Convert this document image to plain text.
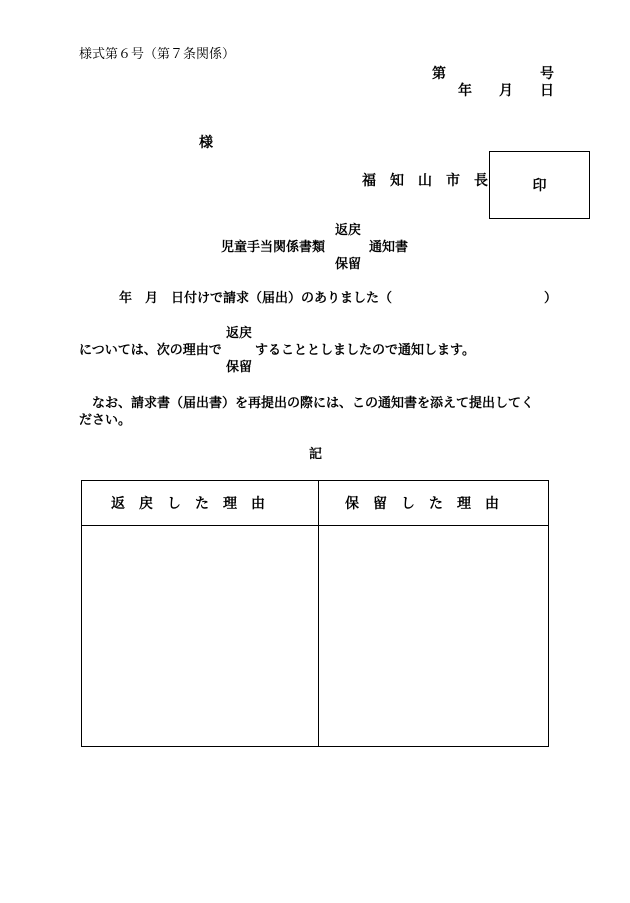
様式第６号（第７条関係）
第	号
年 月 日
様
福　知　山　市　長	印
返戻
児童手当関係書類	通知書
保留
年　月　日付けで請求（届出）のありました（	）
返戻
については、次の理由で	することとしましたので通知します。
保留
なお、請求書（届出書）を再提出の際には、この通知書を添えて提出してく
ださい。
記
返　戻　し　た　理　由	保　留　し　た　理　由
